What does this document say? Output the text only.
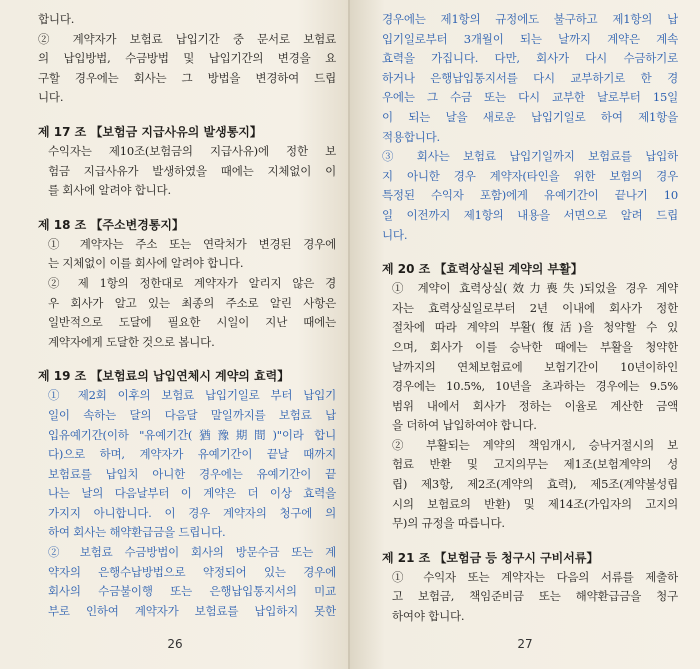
합니다.
② 계약자가 보험료 납입기간 중 문서로 보험료
의 납입방법, 수금방법 및 납입기간의 변경을 요
구할 경우에는 회사는 그 방법을 변경하여 드립
니다.
제 17 조 【보험금 지급사유의 발생통지】
수익자는 제10조(보험금의 지급사유)에 정한 보
험금 지급사유가 발생하였을 때에는 지체없이 이
를 회사에 알려야 합니다.
제 18 조 【주소변경통지】
① 계약자는 주소 또는 연락처가 변경된 경우에
는 지체없이 이를 회사에 알려야 합니다.
② 제 1항의 정한대로 계약자가 알리지 않은 경
우 회사가 알고 있는 최종의 주소로 알린 사항은
일반적으로 도달에 필요한 시일이 지난 때에는
계약자에게 도달한 것으로 봅니다.
제 19 조 【보험료의 납입연체시 계약의 효력】
① 제2회 이후의 보험료 납입기일로 부터 납입기
일이 속하는 달의 다음달 말일까지를 보험료 납
입유예기간(이하 "유예기간(猶豫期間)"이라 합니
다)으로 하며, 계약자가 유예기간이 끝날 때까지
보험료를 납입치 아니한 경우에는 유예기간이 끝
나는 날의 다음날부터 이 계약은 더 이상 효력을
가지지 아니합니다. 이 경우 계약자의 청구에 의
하여 회사는 해약환급금을 드립니다.
② 보험료 수금방법이 회사의 방문수금 또는 계
약자의 은행수납방법으로 약정되어 있는 경우에
회사의 수금불이행 또는 은행납입통지서의 미교
부로 인하여 계약자가 보험료를 납입하지 못한
26
경우에는 제1항의 규정에도 불구하고 제1항의 납
입기일로부터 3개월이 되는 날까지 계약은 계속
효력을 가집니다. 다만, 회사가 다시 수금하기로
하거나 은행납입통지서를 다시 교부하기로 한 경
우에는 그 수금 또는 다시 교부한 날로부터 15일
이 되는 날을 새로운 납입기일로 하여 제1항을
적용합니다.
③ 회사는 보험료 납입기일까지 보험료를 납입하
지 아니한 경우 계약자(타인을 위한 보험의 경우
특정된 수익자 포함)에게 유예기간이 끝나기 10
일 이전까지 제1항의 내용을 서면으로 알려 드립
니다.
제 20 조 【효력상실된 계약의 부활】
① 계약이 효력상실(效力喪失)되었을 경우 계약
자는 효력상실일로부터 2년 이내에 회사가 정한
절차에 따라 계약의 부활(復活)을 청약할 수 있
으며, 회사가 이를 승낙한 때에는 부활을 청약한
날까지의 연체보험료에 보험기간이 10년이하인
경우에는 10.5%, 10년을 초과하는 경우에는 9.5%
범위 내에서 회사가 정하는 이율로 계산한 금액
을 더하여 납입하여야 합니다.
② 부활되는 계약의 책임개시, 승낙거절시의 보
험료 반환 및 고지의무는 제1조(보험계약의 성
립) 제3항, 제2조(계약의 효력), 제5조(계약불성립
시의 보험료의 반환) 및 제14조(가입자의 고지의
무)의 규정을 따릅니다.
제 21 조 【보험금 등 청구시 구비서류】
① 수익자 또는 계약자는 다음의 서류를 제출하
고 보험금, 책임준비금 또는 해약환급금을 청구
하여야 합니다.
27
